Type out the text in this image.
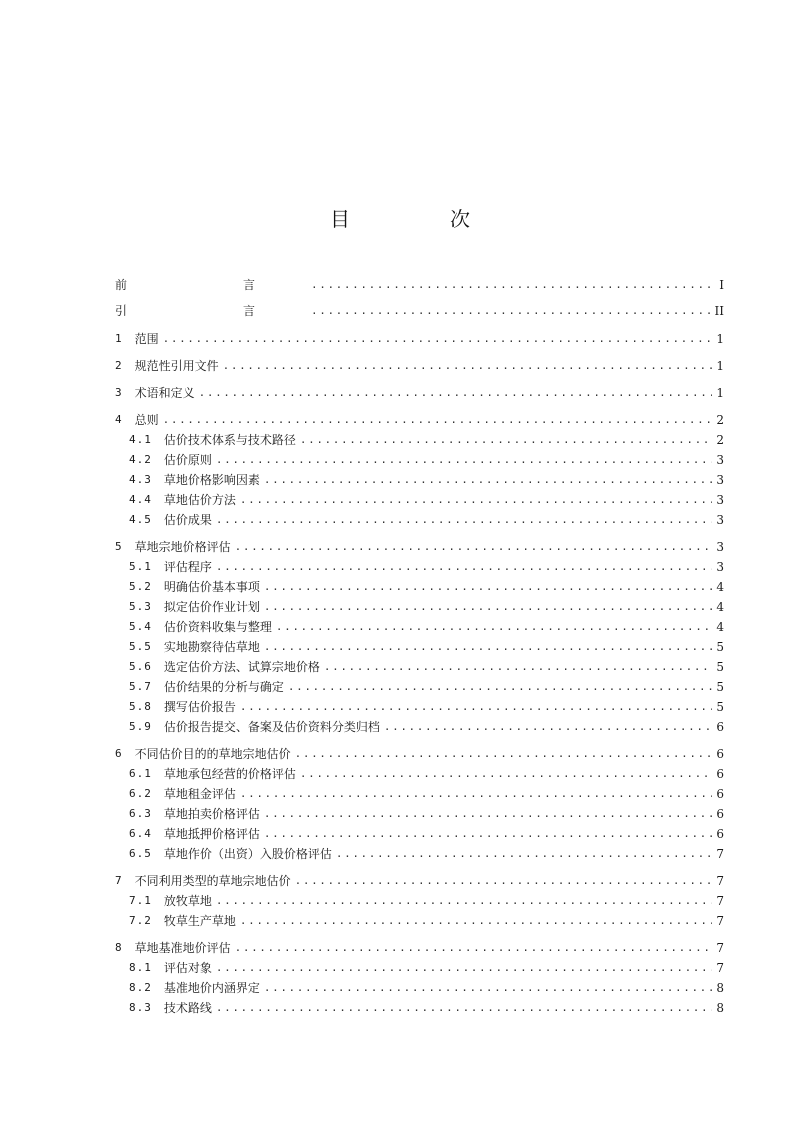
目　次
前　言 .....	I
引　言 .....	II
1 范围 .....	1
2 规范性引用文件 .....	1
3 术语和定义 .....	1
4 总则 .....	2
4.1 估价技术体系与技术路径 .....	2
4.2 估价原则 .....	3
4.3 草地价格影响因素 .....	3
4.4 草地估价方法 .....	3
4.5 估价成果 .....	3
5 草地宗地价格评估 .....	3
5.1 评估程序 .....	3
5.2 明确估价基本事项 .....	4
5.3 拟定估价作业计划 .....	4
5.4 估价资料收集与整理 .....	4
5.5 实地勘察待估草地 .....	5
5.6 选定估价方法、试算宗地价格 .....	5
5.7 估价结果的分析与确定 .....	5
5.8 撰写估价报告 .....	5
5.9 估价报告提交、备案及估价资料分类归档 .....	6
6 不同估价目的的草地宗地估价 .....	6
6.1 草地承包经营的价格评估 .....	6
6.2 草地租金评估 .....	6
6.3 草地拍卖价格评估 .....	6
6.4 草地抵押价格评估 .....	6
6.5 草地作价（出资）入股价格评估 .....	7
7 不同利用类型的草地宗地估价 .....	7
7.1 放牧草地 .....	7
7.2 牧草生产草地 .....	7
8 草地基准地价评估 .....	7
8.1 评估对象 .....	7
8.2 基准地价内涵界定 .....	8
8.3 技术路线 .....	8
